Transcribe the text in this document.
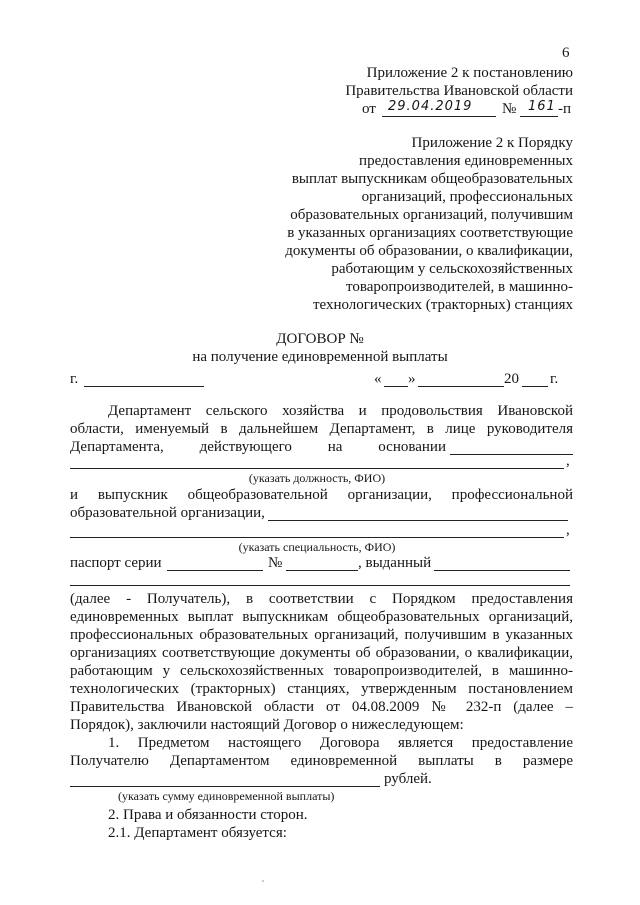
6
Приложение 2 к постановлению
Правительства Ивановской области
от 29.04.2019 № 161 -п
Приложение 2 к Порядку
предоставления единовременных
выплат выпускникам общеобразовательных
организаций, профессиональных
образовательных организаций, получившим
в указанных организациях соответствующие
документы об образовании, о квалификации,
работающим у сельскохозяйственных
товаропроизводителей, в машинно-
технологических (тракторных) станциях
ДОГОВОР №
на получение единовременной выплаты
г.	« »	20 г.
Департамент сельского хозяйства и продовольствия Ивановской
области, именуемый в дальнейшем Департамент, в лице руководителя
Департамента, действующего на основании
,
(указать должность, ФИО)
и выпускник общеобразовательной организации, профессиональной
образовательной организации,
,
(указать специальность, ФИО)
паспорт серии	№	, выданный
(далее - Получатель), в соответствии с Порядком предоставления
единовременных выплат выпускникам общеобразовательных организаций,
профессиональных образовательных организаций, получившим в указанных
организациях соответствующие документы об образовании, о квалификации,
работающим у сельскохозяйственных товаропроизводителей, в машинно-
технологических (тракторных) станциях, утвержденным постановлением
Правительства Ивановской области от 04.08.2009 № 232-п (далее –
Порядок), заключили настоящий Договор о нижеследующем:
1. Предметом настоящего Договора является предоставление
Получателю Департаментом единовременной выплаты в размере
рублей.
(указать сумму единовременной выплаты)
2. Права и обязанности сторон.
2.1. Департамент обязуется:
